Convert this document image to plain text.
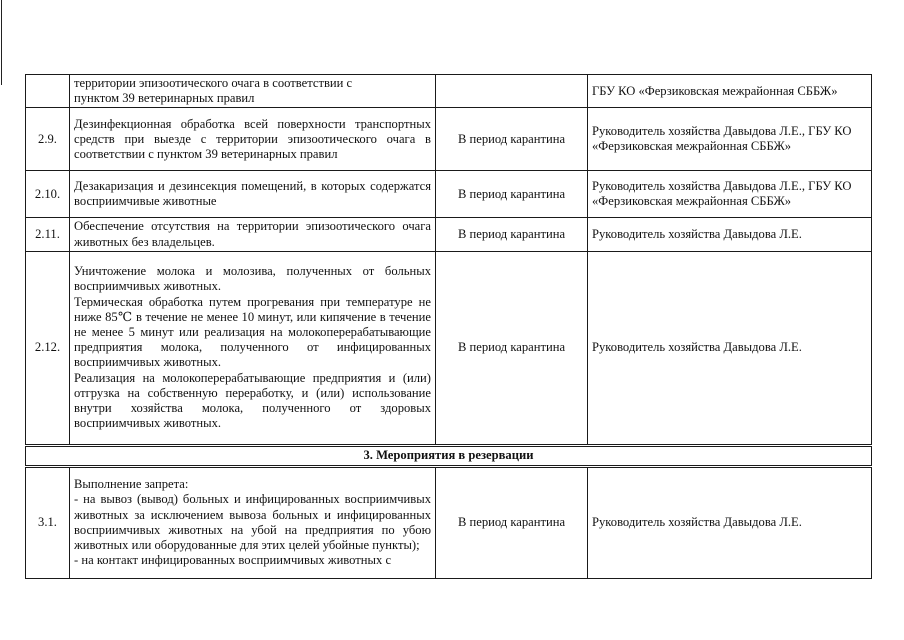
	территории эпизоотического очага в соответствии с
пунктом 39 ветеринарных правил		ГБУ КО «Ферзиковская межрайонная СББЖ»
2.9.	Дезинфекционная обработка всей поверхности транспортных средств при выезде с территории эпизоотического очага в соответствии с пунктом 39 ветеринарных правил	В период карантина	Руководитель хозяйства Давыдова Л.Е., ГБУ КО «Ферзиковская межрайонная СББЖ»
2.10.	Дезакаризация и дезинсекция помещений, в которых содержатся восприимчивые животные	В период карантина	Руководитель хозяйства Давыдова Л.Е., ГБУ КО «Ферзиковская межрайонная СББЖ»
2.11.	Обеспечение отсутствия на территории эпизоотического очага животных без владельцев.	В период карантина	Руководитель хозяйства Давыдова Л.Е.
2.12.	Уничтожение молока и молозива, полученных от больных восприимчивых животных.
Термическая обработка путем прогревания при температуре не ниже 85℃ в течение не менее 10 минут, или кипячение в течение не менее 5 минут или реализация на молокоперерабатывающие предприятия молока, полученного от инфицированных восприимчивых животных.
Реализация на молокоперерабатывающие предприятия и (или) отгрузка на собственную переработку, и (или) использование внутри хозяйства молока, полученного от здоровых восприимчивых животных.	В период карантина	Руководитель хозяйства Давыдова Л.Е.
3. Мероприятия в резервации			
3.1.	Выполнение запрета:
- на вывоз (вывод) больных и инфицированных восприимчивых животных за исключением вывоза больных и инфицированных восприимчивых животных на убой на предприятия по убою животных или оборудованные для этих целей убойные пункты);
- на контакт инфицированных восприимчивых животных с	В период карантина	Руководитель хозяйства Давыдова Л.Е.
